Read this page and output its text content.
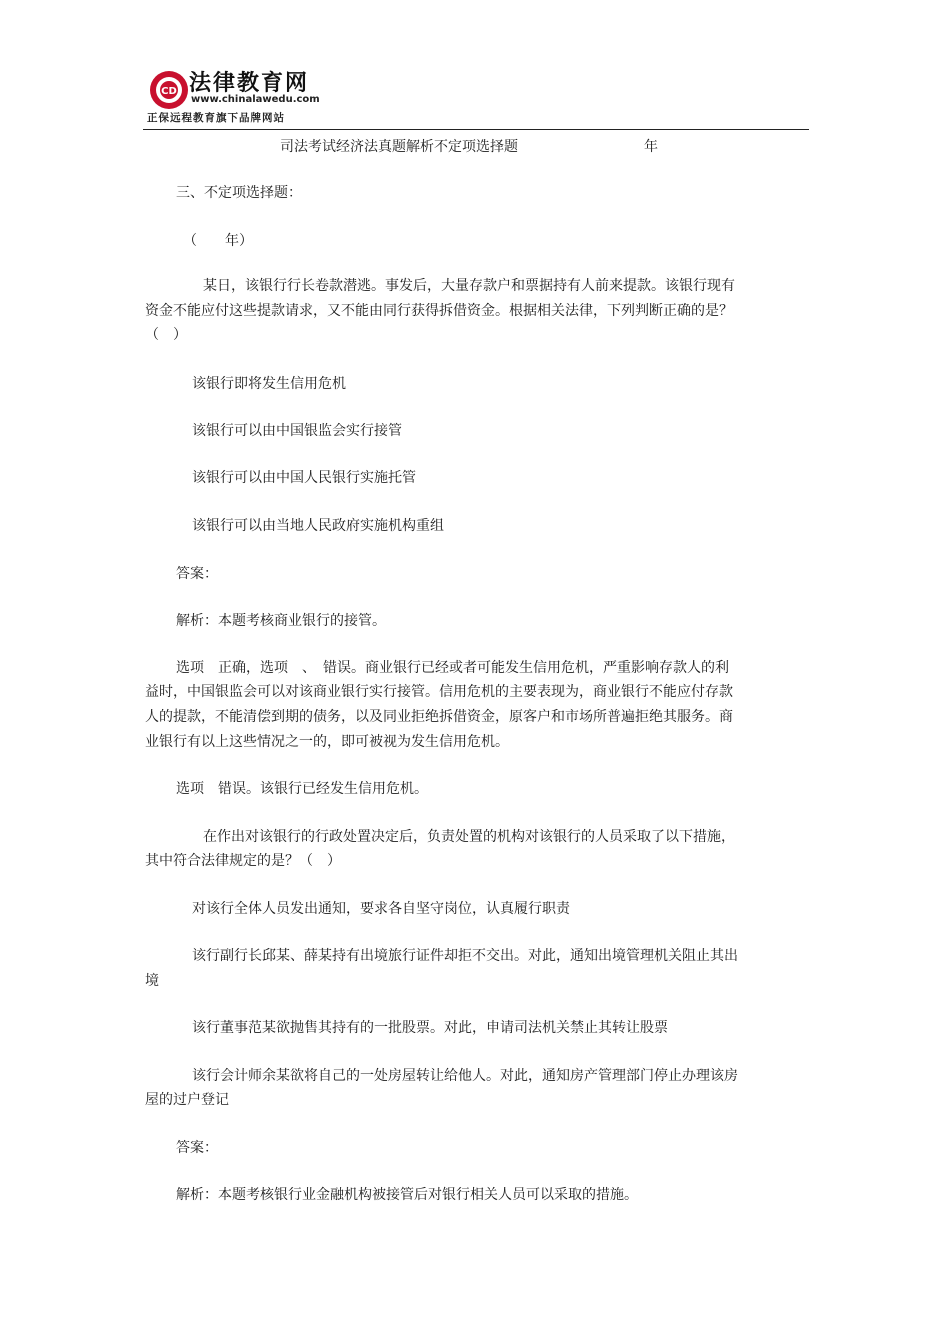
CD 法律教育网
www.chinalawedu.com
正保远程教育旗下品牌网站
司法考试经济法真题解析不定项选择题	年

三、不定项选择题：

（　　年）

某日，该银行行长卷款潜逃。事发后，大量存款户和票据持有人前来提款。该银行现有

资金不能应付这些提款请求，又不能由同行获得拆借资金。根据相关法律，下列判断正确的是？

（　）

该银行即将发生信用危机

该银行可以由中国银监会实行接管

该银行可以由中国人民银行实施托管

该银行可以由当地人民政府实施机构重组

答案：

解析：本题考核商业银行的接管。

选项　正确，选项　、　错误。商业银行已经或者可能发生信用危机，严重影响存款人的利

益时，中国银监会可以对该商业银行实行接管。信用危机的主要表现为，商业银行不能应付存款

人的提款，不能清偿到期的债务，以及同业拒绝拆借资金，原客户和市场所普遍拒绝其服务。商

业银行有以上这些情况之一的，即可被视为发生信用危机。

选项　错误。该银行已经发生信用危机。

在作出对该银行的行政处置决定后，负责处置的机构对该银行的人员采取了以下措施，

其中符合法律规定的是？（　）

对该行全体人员发出通知，要求各自坚守岗位，认真履行职责

该行副行长邱某、薛某持有出境旅行证件却拒不交出。对此，通知出境管理机关阻止其出

境

该行董事范某欲抛售其持有的一批股票。对此，申请司法机关禁止其转让股票

该行会计师余某欲将自己的一处房屋转让给他人。对此，通知房产管理部门停止办理该房

屋的过户登记

答案：

解析：本题考核银行业金融机构被接管后对银行相关人员可以采取的措施。
